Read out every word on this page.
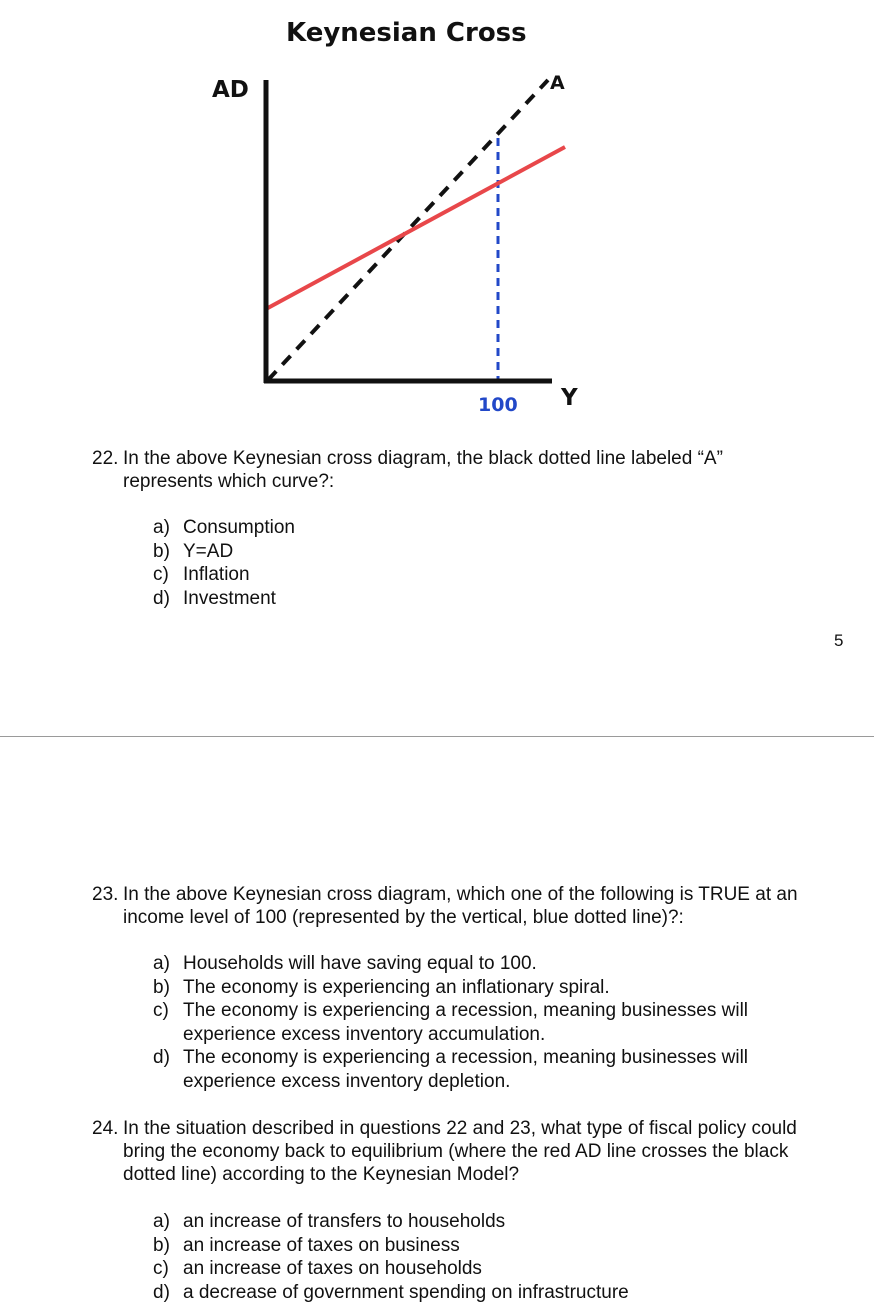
Keynesian Cross
AD	A
Y
100
22. In the above Keynesian cross diagram, the black dotted line labeled “A”
represents which curve?:
a) Consumption
b) Y=AD
c) Inflation
d) Investment
5
23. In the above Keynesian cross diagram, which one of the following is TRUE at an
income level of 100 (represented by the vertical, blue dotted line)?:
a) Households will have saving equal to 100.
b) The economy is experiencing an inflationary spiral.
c) The economy is experiencing a recession, meaning businesses will
experience excess inventory accumulation.
d) The economy is experiencing a recession, meaning businesses will
experience excess inventory depletion.
24. In the situation described in questions 22 and 23, what type of fiscal policy could
bring the economy back to equilibrium (where the red AD line crosses the black
dotted line) according to the Keynesian Model?
a) an increase of transfers to households
b) an increase of taxes on business
c) an increase of taxes on households
d) a decrease of government spending on infrastructure
